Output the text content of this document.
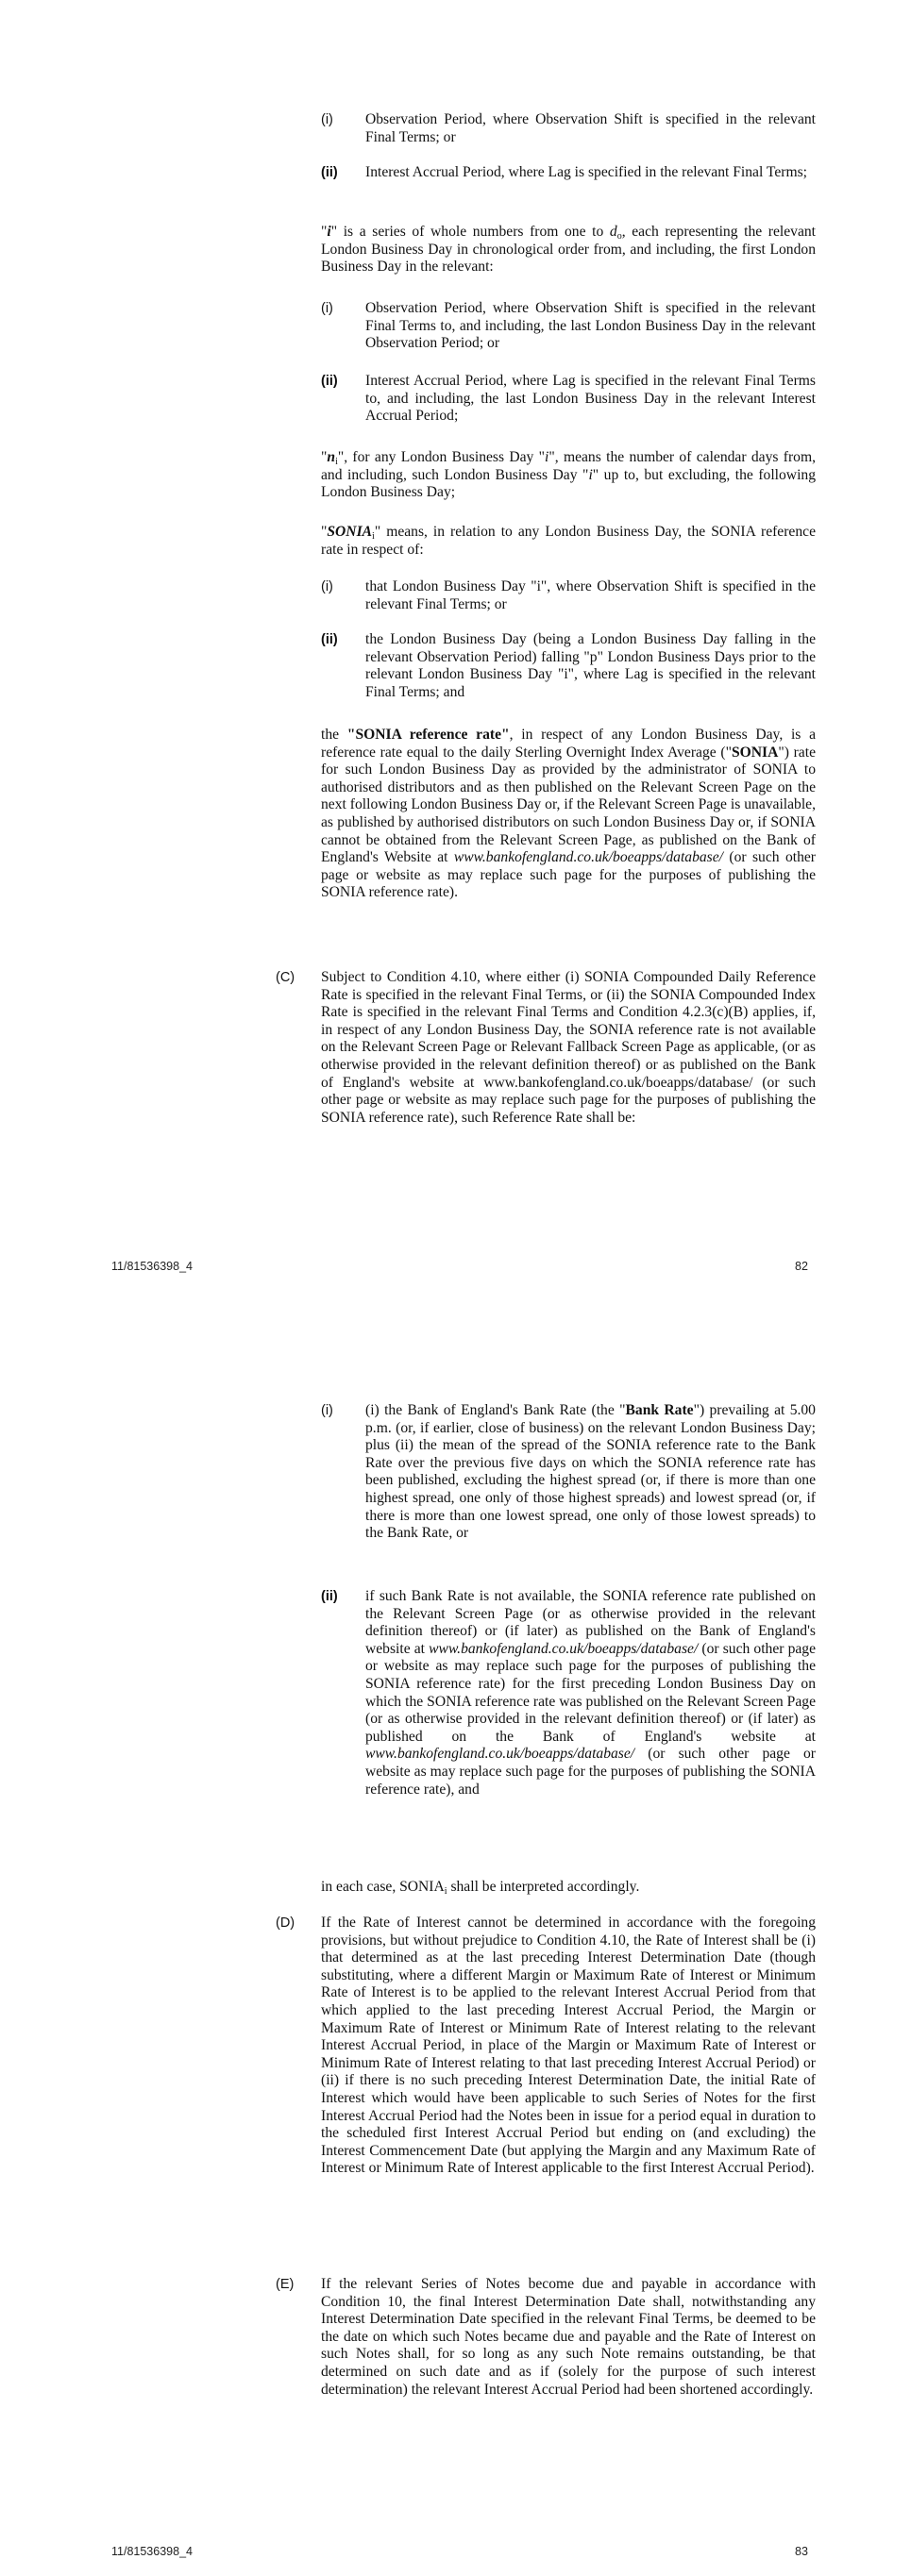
(i) Observation Period, where Observation Shift is specified in the relevant Final Terms; or

(ii) Interest Accrual Period, where Lag is specified in the relevant Final Terms;

"i" is a series of whole numbers from one to $d_o$, each representing the relevant London Business Day in chronological order from, and including, the first London Business Day in the relevant:

(i) Observation Period, where Observation Shift is specified in the relevant Final Terms to, and including, the last London Business Day in the relevant Observation Period; or

(ii) Interest Accrual Period, where Lag is specified in the relevant Final Terms to, and including, the last London Business Day in the relevant Interest Accrual Period;

"$n_i$", for any London Business Day "i", means the number of calendar days from, and including, such London Business Day "i" up to, but excluding, the following London Business Day;

"$SONIA_i$" means, in relation to any London Business Day, the SONIA reference rate in respect of:

(i) that London Business Day "i", where Observation Shift is specified in the relevant Final Terms; or

(ii) the London Business Day (being a London Business Day falling in the relevant Observation Period) falling "p" London Business Days prior to the relevant London Business Day "i", where Lag is specified in the relevant Final Terms; and

the "SONIA reference rate", in respect of any London Business Day, is a reference rate equal to the daily Sterling Overnight Index Average ("SONIA") rate for such London Business Day as provided by the administrator of SONIA to authorised distributors and as then published on the Relevant Screen Page on the next following London Business Day or, if the Relevant Screen Page is unavailable, as published by authorised distributors on such London Business Day or, if SONIA cannot be obtained from the Relevant Screen Page, as published on the Bank of England's Website at www.bankofengland.co.uk/boeapps/database/ (or such other page or website as may replace such page for the purposes of publishing the SONIA reference rate).

(C) Subject to Condition 4.10, where either (i) SONIA Compounded Daily Reference Rate is specified in the relevant Final Terms, or (ii) the SONIA Compounded Index Rate is specified in the relevant Final Terms and Condition 4.2.3(c)(B) applies, if, in respect of any London Business Day, the SONIA reference rate is not available on the Relevant Screen Page or Relevant Fallback Screen Page as applicable, (or as otherwise provided in the relevant definition thereof) or as published on the Bank of England's website at www.bankofengland.co.uk/boeapps/database/ (or such other page or website as may replace such page for the purposes of publishing the SONIA reference rate), such Reference Rate shall be:

11/81536398_4	82
(i) (i) the Bank of England's Bank Rate (the "Bank Rate") prevailing at 5.00 p.m. (or, if earlier, close of business) on the relevant London Business Day; plus (ii) the mean of the spread of the SONIA reference rate to the Bank Rate over the previous five days on which the SONIA reference rate has been published, excluding the highest spread (or, if there is more than one highest spread, one only of those highest spreads) and lowest spread (or, if there is more than one lowest spread, one only of those lowest spreads) to the Bank Rate, or

(ii) if such Bank Rate is not available, the SONIA reference rate published on the Relevant Screen Page (or as otherwise provided in the relevant definition thereof) or (if later) as published on the Bank of England's website at www.bankofengland.co.uk/boeapps/database/ (or such other page or website as may replace such page for the purposes of publishing the SONIA reference rate) for the first preceding London Business Day on which the SONIA reference rate was published on the Relevant Screen Page (or as otherwise provided in the relevant definition thereof) or (if later) as published on the Bank of England's website at www.bankofengland.co.uk/boeapps/database/ (or such other page or website as may replace such page for the purposes of publishing the SONIA reference rate), and

in each case, $SONIA_i$ shall be interpreted accordingly.

(D) If the Rate of Interest cannot be determined in accordance with the foregoing provisions, but without prejudice to Condition 4.10, the Rate of Interest shall be (i) that determined as at the last preceding Interest Determination Date (though substituting, where a different Margin or Maximum Rate of Interest or Minimum Rate of Interest is to be applied to the relevant Interest Accrual Period from that which applied to the last preceding Interest Accrual Period, the Margin or Maximum Rate of Interest or Minimum Rate of Interest relating to the relevant Interest Accrual Period, in place of the Margin or Maximum Rate of Interest or Minimum Rate of Interest relating to that last preceding Interest Accrual Period) or (ii) if there is no such preceding Interest Determination Date, the initial Rate of Interest which would have been applicable to such Series of Notes for the first Interest Accrual Period had the Notes been in issue for a period equal in duration to the scheduled first Interest Accrual Period but ending on (and excluding) the Interest Commencement Date (but applying the Margin and any Maximum Rate of Interest or Minimum Rate of Interest applicable to the first Interest Accrual Period).

(E) If the relevant Series of Notes become due and payable in accordance with Condition 10, the final Interest Determination Date shall, notwithstanding any Interest Determination Date specified in the relevant Final Terms, be deemed to be the date on which such Notes became due and payable and the Rate of Interest on such Notes shall, for so long as any such Note remains outstanding, be that determined on such date and as if (solely for the purpose of such interest determination) the relevant Interest Accrual Period had been shortened accordingly.

11/81536398_4	83
